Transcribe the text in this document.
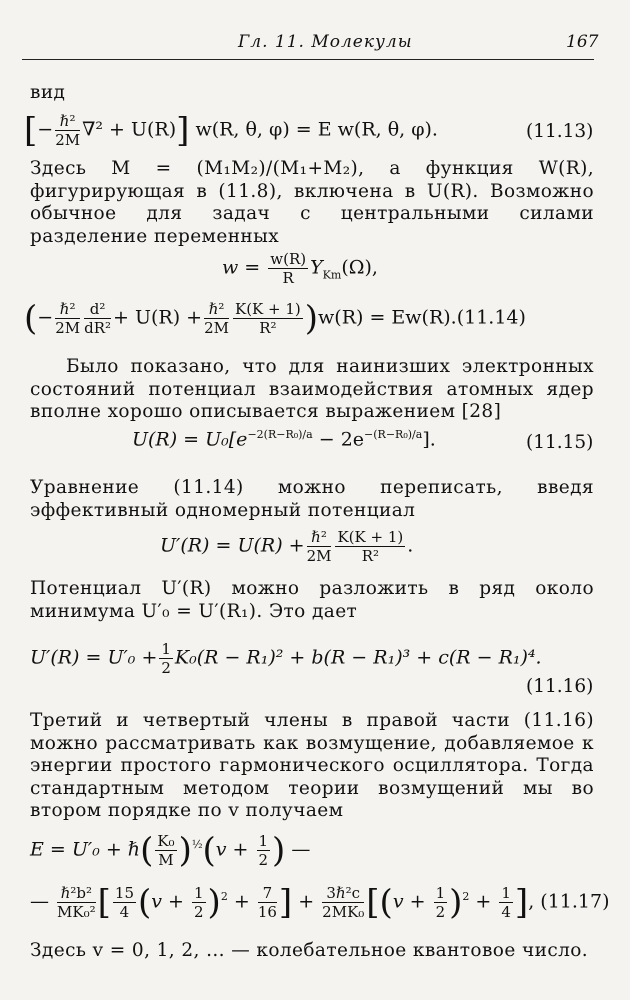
Гл. 11. Молекулы	167
вид
[− $\frac{\text{ℏ²}}{2M} \nabla^2 + U(R)$] w(R, θ, φ) = E w(R, θ, φ).	(11.13)
Здесь M = (M₁M₂)/(M₁+M₂), а функция W(R), фигурирующая в (11.8), включена в U(R). Возможно обычное для задач с центральными силами разделение переменных
$w = \frac{w(R)}{R} Y_{Km}(\Omega)$,
(− $\frac{\text{ℏ²}}{2M} \frac{\text{d²}}{\text{dR²}} + U(R) + \frac{\text{ℏ²}}{2M} \frac{K(K + 1)}{\text{R²}} )w(R) = Ew(R).(11.14)$
Было показано, что для наинизших электронных состояний потенциал взаимодействия атомных ядер вполне хорошо описывается выражением [28]
$U(R) = U_0[e^{-2(R-R_0)/a} - 2e^{-(R-R_0)/a}]$.	(11.15)
Уравнение (11.14) можно переписать, введя эффективный одномерный потенциал
$U'(R) = U(R) + \frac{\text{ℏ²}}{2M} \frac{K(K + 1)}{\text{R²}}$ .
Потенциал U′(R) можно разложить в ряд около минимума U′₀ = U′(R₁). Это дает
$U'(R) = U'_0 + \frac{1}{2} K_0(R - R_1)^2 + b(R - R_1)^3 + c(R - R_1)^4$.
(11.16)
Третий и четвертый члены в правой части (11.16) можно рассматривать как возмущение, добавляемое к энергии простого гармонического осциллятора. Тогда стандартным методом теории возмущений мы во втором порядке по v получаем
E = U′₀ + ℏ( $\frac{\text{K₀}}{M} )^{\frac{1}{2}}(v + \frac{1}{2}$ ) —
— $\frac{\text{ℏ²b²}}{\text{MK₀²}}$ [ $\frac{15}{4} (v + \frac{1}{2} )^2 + \frac{7}{16}$ ] + $\frac{\text{3ℏ²c}}{\text{2MK₀}} [(v + \frac{1}{2} )^2 + \frac{1}{4}$ ], (11.17)
Здесь v = 0, 1, 2, ... — колебательное квантовое число.
